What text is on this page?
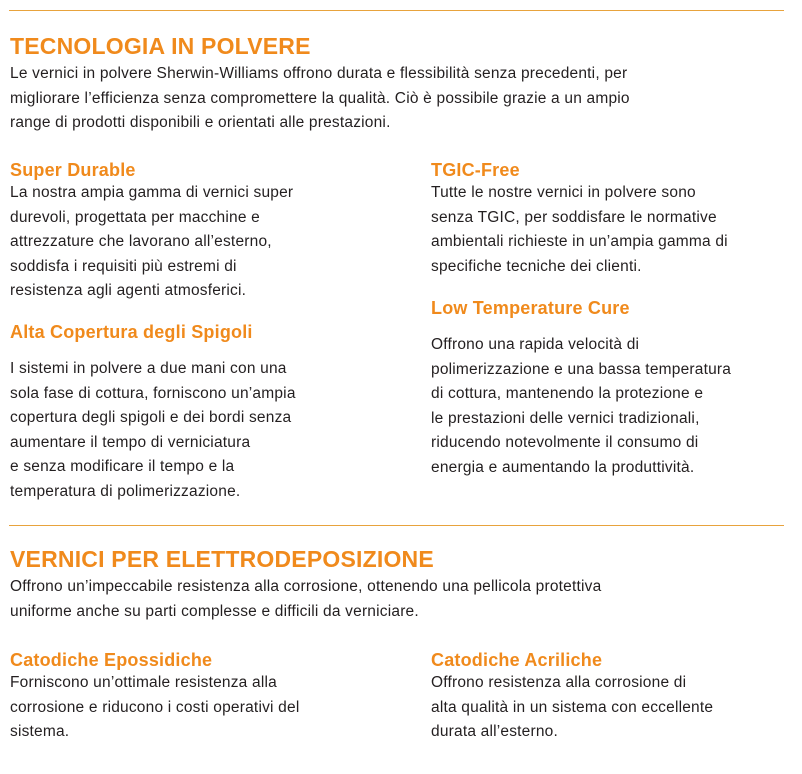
TECNOLOGIA IN POLVERE

Le vernici in polvere Sherwin-Williams offrono durata e flessibilità senza precedenti, per
migliorare l’efficienza senza compromettere la qualità. Ciò è possibile grazie a un ampio
range di prodotti disponibili e orientati alle prestazioni.

Super Durable

La nostra ampia gamma di vernici super
durevoli, progettata per macchine e
attrezzature che lavorano all’esterno,
soddisfa i requisiti più estremi di
resistenza agli agenti atmosferici.

Alta Copertura degli Spigoli

I sistemi in polvere a due mani con una
sola fase di cottura, forniscono un’ampia
copertura degli spigoli e dei bordi senza
aumentare il tempo di verniciatura
e senza modificare il tempo e la
temperatura di polimerizzazione.

TGIC-Free

Tutte le nostre vernici in polvere sono
senza TGIC, per soddisfare le normative
ambientali richieste in un’ampia gamma di
specifiche tecniche dei clienti.

Low Temperature Cure

Offrono una rapida velocità di
polimerizzazione e una bassa temperatura
di cottura, mantenendo la protezione e
le prestazioni delle vernici tradizionali,
riducendo notevolmente il consumo di
energia e aumentando la produttività.

VERNICI PER ELETTRODEPOSIZIONE

Offrono un’impeccabile resistenza alla corrosione, ottenendo una pellicola protettiva
uniforme anche su parti complesse e difficili da verniciare.

Catodiche Epossidiche

Forniscono un’ottimale resistenza alla
corrosione e riducono i costi operativi del
sistema.

Catodiche Acriliche

Offrono resistenza alla corrosione di
alta qualità in un sistema con eccellente
durata all’esterno.
